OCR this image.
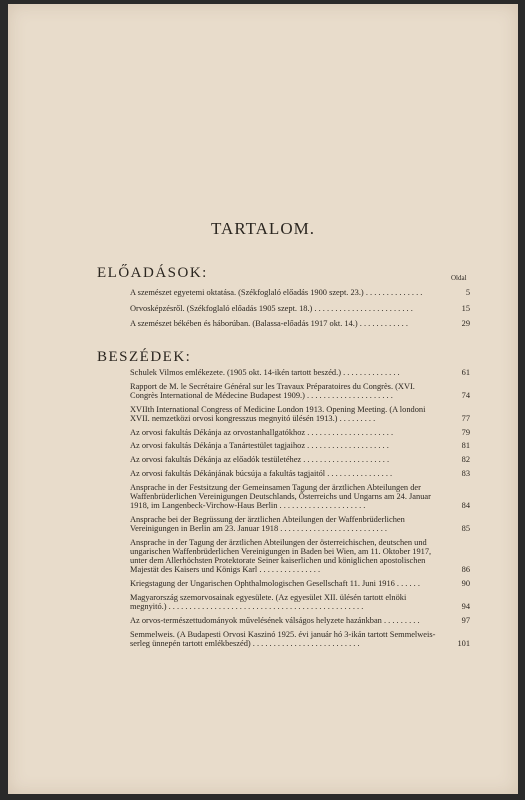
TARTALOM.
ELŐADÁSOK:	Oldal
A szemészet egyetemi oktatása. (Székfoglaló előadás 1900 szept. 23.) . . . . . . . . . . . . . .	5
Orvosképzésről. (Székfoglaló előadás 1905 szept. 18.) . . . . . . . . . . . . . . . . . . . . . . . .	15
A szemészet békében és háborúban. (Balassa-előadás 1917 okt. 14.) . . . . . . . . . . . .	29
BESZÉDEK:
Schulek Vilmos emlékezete. (1905 okt. 14-ikén tartott beszéd.) . . . . . . . . . . . . . .	61
Rapport de M. le Secrétaire Général sur les Travaux Préparatoires du Congrès. (XVI. Congrès International de Médecine Budapest 1909.) . . . . . . . . . . . . . . . . . . . . .	74
XVIIth International Congress of Medicine London 1913. Opening Meeting. (A londoni XVII. nemzetközi orvosi kongresszus megnyitó ülésén 1913.) . . . . . . . . .	77
Az orvosi fakultás Dékánja az orvostanhallgatókhoz . . . . . . . . . . . . . . . . . . . . .	79
Az orvosi fakultás Dékánja a Tanártestület tagjaihoz . . . . . . . . . . . . . . . . . . . .	81
Az orvosi fakultás Dékánja az előadók testületéhez . . . . . . . . . . . . . . . . . . . . .	82
Az orvosi fakultás Dékánjának búcsúja a fakultás tagjaitól . . . . . . . . . . . . . . . .	83
Ansprache in der Festsitzung der Gemeinsamen Tagung der ärztlichen Abteilungen der Waffenbrüderlichen Vereinigungen Deutschlands, Österreichs und Ungarns am 24. Januar 1918, im Langenbeck-Virchow-Haus Berlin . . . . . . . . . . . . . . . . . . . . .	84
Ansprache bei der Begrüssung der ärztlichen Abteilungen der Waffenbrüderlichen Vereinigungen in Berlin am 23. Januar 1918 . . . . . . . . . . . . . . . . . . . . . . . . . .	85
Ansprache in der Tagung der ärztlichen Abteilungen der österreichischen, deutschen und ungarischen Waffenbrüderlichen Vereinigungen in Baden bei Wien, am 11. Oktober 1917, unter dem Allerhöchsten Protektorate Seiner kaiserlichen und königlichen apostolischen Majestät des Kaisers und Königs Karl . . . . . . . . . . . . . . .	86
Kriegstagung der Ungarischen Ophthalmologischen Gesellschaft 11. Juni 1916 . . . . . .	90
Magyarország szemorvosainak egyesülete. (Az egyesület XII. ülésén tartott elnöki megnyitó.) . . . . . . . . . . . . . . . . . . . . . . . . . . . . . . . . . . . . . . . . . . . . . . .	94
Az orvos-természettudományok művelésének válságos helyzete hazánkban . . . . . . . . .	97
Semmelweis. (A Budapesti Orvosi Kaszinó 1925. évi január hó 3-ikán tartott Semmelweis-serleg ünnepén tartott emlékbeszéd) . . . . . . . . . . . . . . . . . . . . . . . . . .	101
